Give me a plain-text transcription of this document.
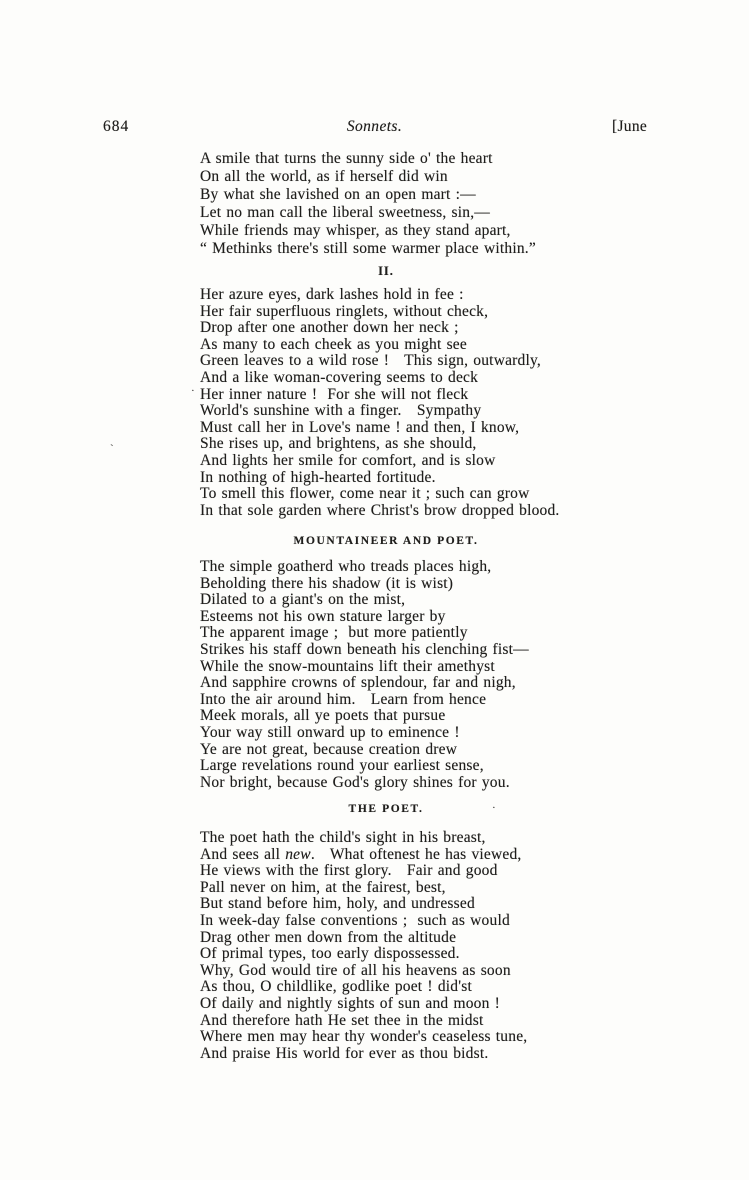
684	Sonnets.	[June
A smile that turns the sunny side o' the heart
On all the world, as if herself did win
By what she lavished on an open mart :—
Let no man call the liberal sweetness, sin,—
While friends may whisper, as they stand apart,
“ Methinks there's still some warmer place within.”
II.
Her azure eyes, dark lashes hold in fee :
Her fair superfluous ringlets, without check,
Drop after one another down her neck ;
As many to each cheek as you might see
Green leaves to a wild rose !   This sign, outwardly,
And a like woman-covering seems to deck
Her inner nature !  For she will not fleck
World's sunshine with a finger.   Sympathy
Must call her in Love's name ! and then, I know,
She rises up, and brightens, as she should,
And lights her smile for comfort, and is slow
In nothing of high-hearted fortitude.
To smell this flower, come near it ; such can grow
In that sole garden where Christ's brow dropped blood.
MOUNTAINEER AND POET.
The simple goatherd who treads places high,
Beholding there his shadow (it is wist)
Dilated to a giant's on the mist,
Esteems not his own stature larger by
The apparent image ;  but more patiently
Strikes his staff down beneath his clenching fist—
While the snow-mountains lift their amethyst
And sapphire crowns of splendour, far and nigh,
Into the air around him.   Learn from hence
Meek morals, all ye poets that pursue
Your way still onward up to eminence !
Ye are not great, because creation drew
Large revelations round your earliest sense,
Nor bright, because God's glory shines for you.
THE POET.
The poet hath the child's sight in his breast,
And sees all new.   What oftenest he has viewed,
He views with the first glory.   Fair and good
Pall never on him, at the fairest, best,
But stand before him, holy, and undressed
In week-day false conventions ;  such as would
Drag other men down from the altitude
Of primal types, too early dispossessed.
Why, God would tire of all his heavens as soon
As thou, O childlike, godlike poet ! did'st
Of daily and nightly sights of sun and moon !
And therefore hath He set thee in the midst
Where men may hear thy wonder's ceaseless tune,
And praise His world for ever as thou bidst.
·
`
·
